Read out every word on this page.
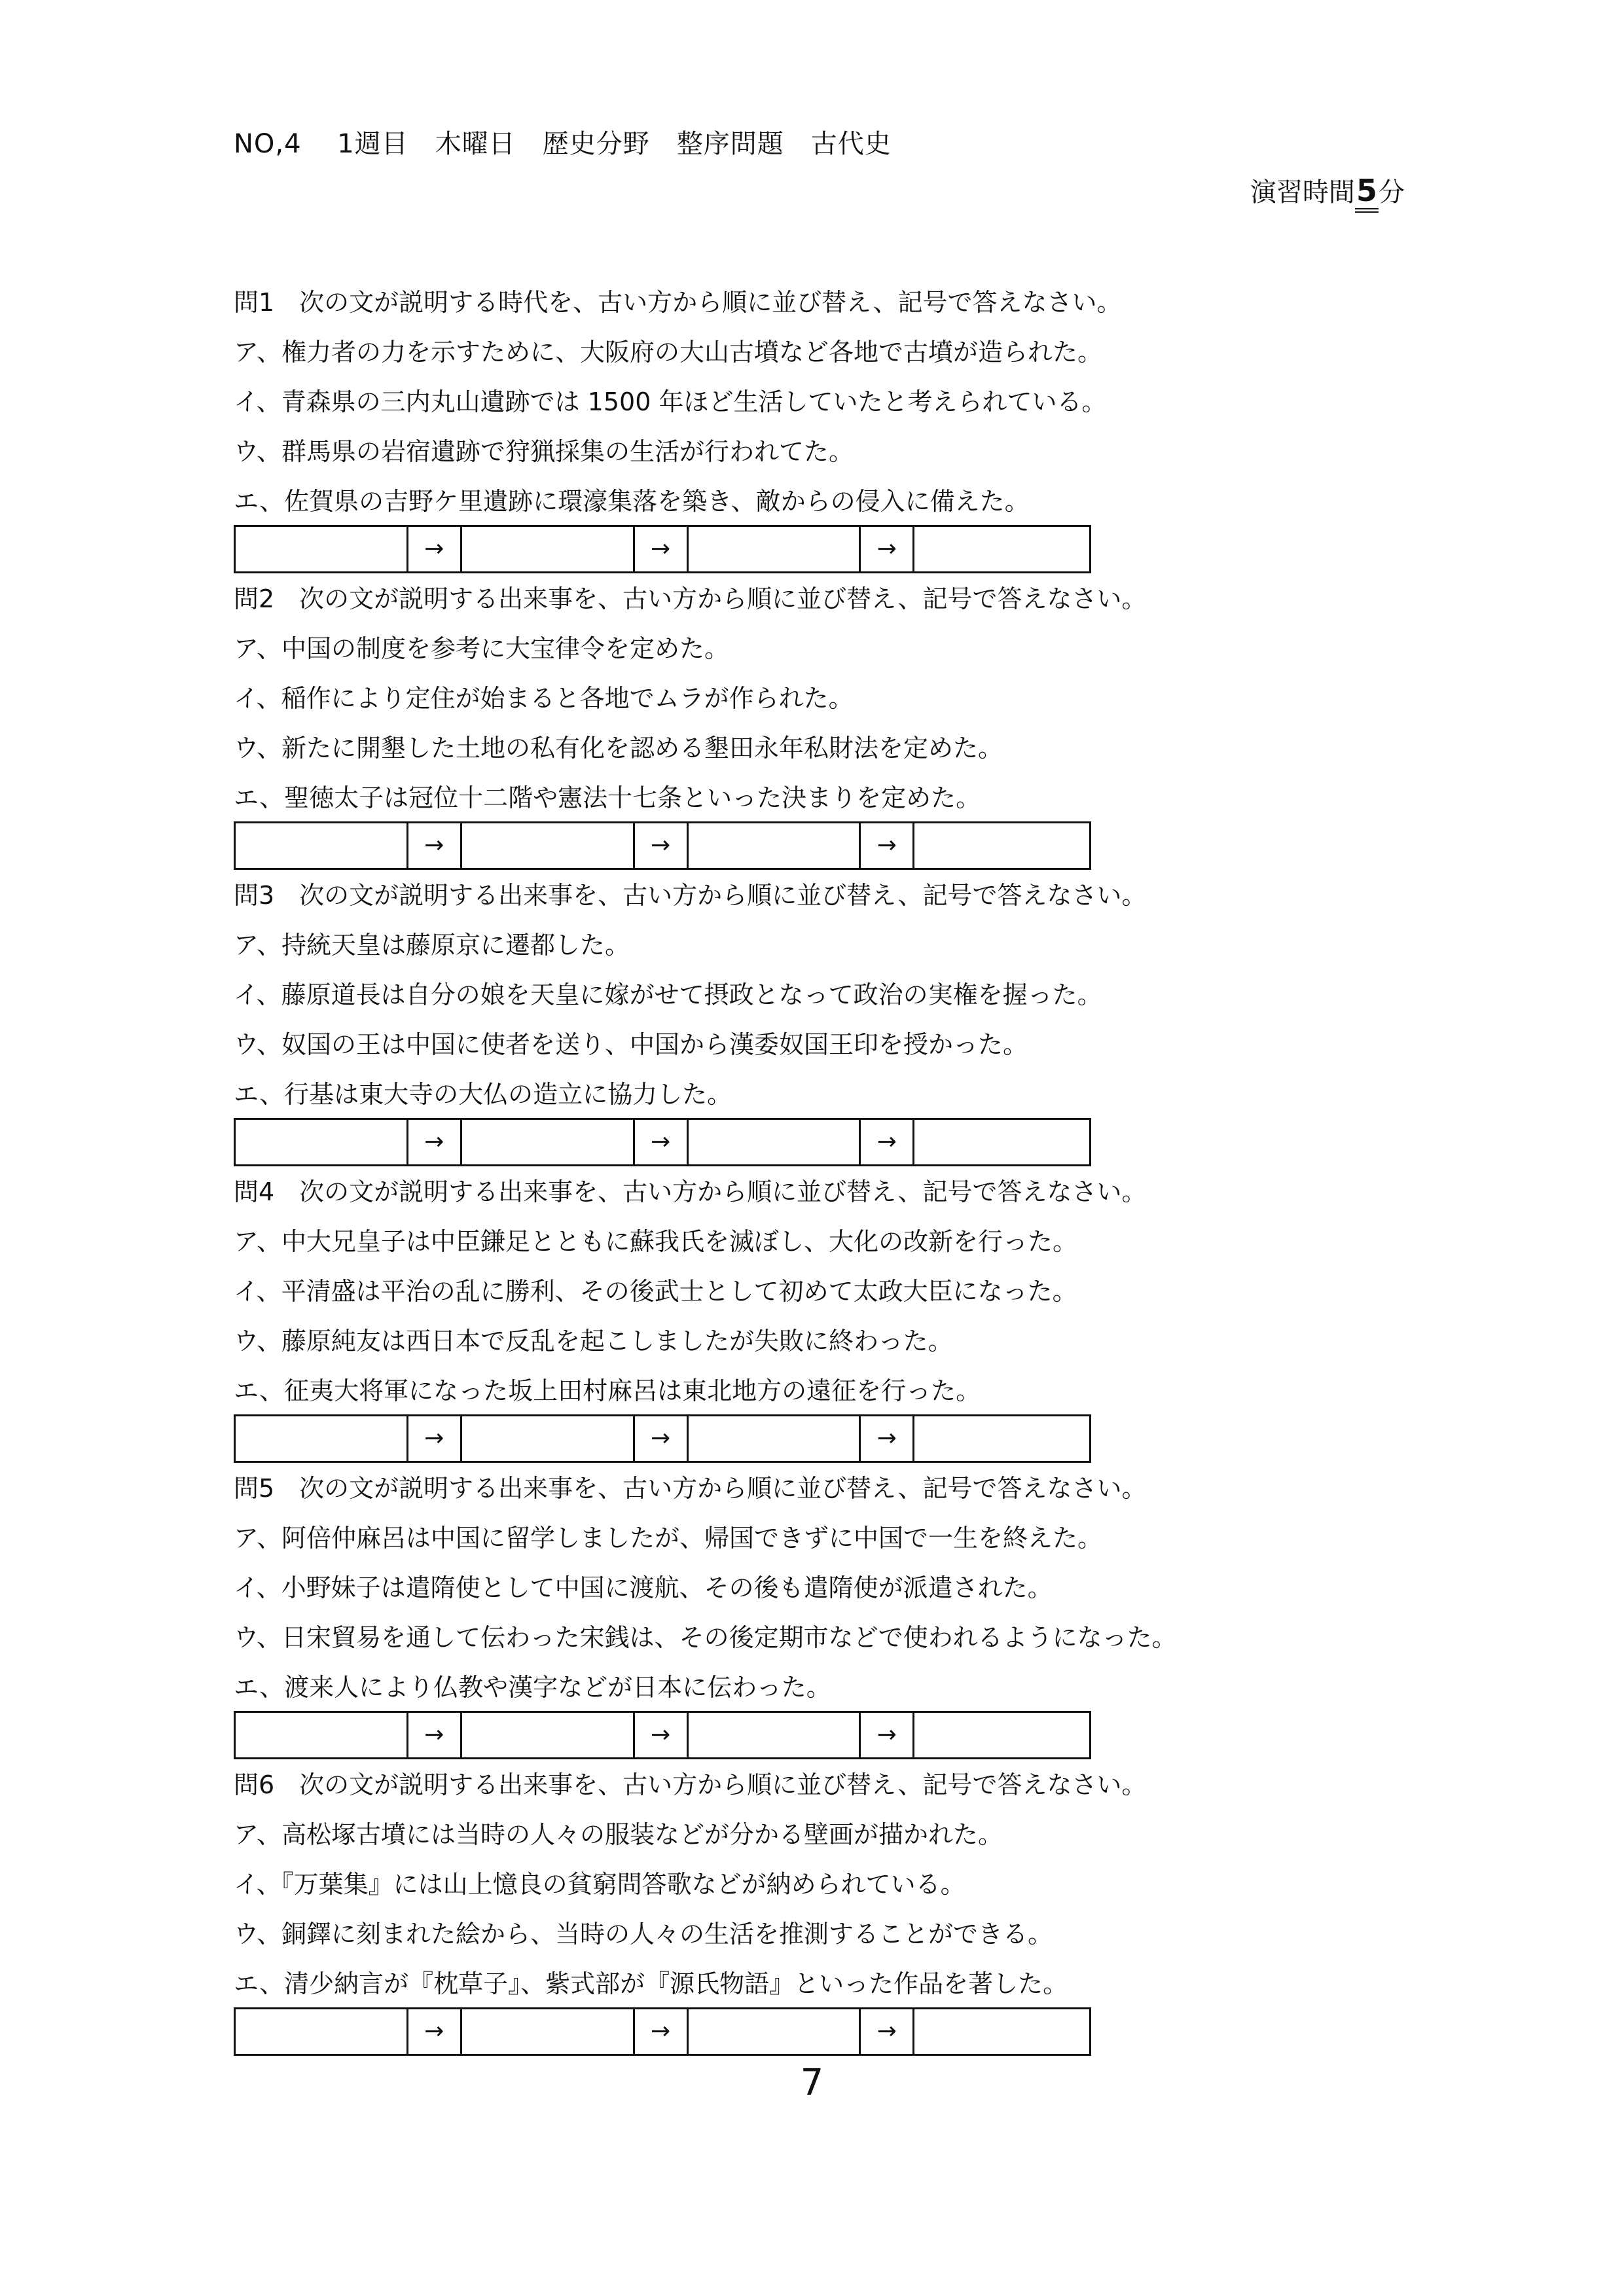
NO,4　 1週目　木曜日　歴史分野　整序問題　古代史
演習時間5分
問1　次の文が説明する時代を、古い方から順に並び替え、記号で答えなさい。
ア、権力者の力を示すために、大阪府の大山古墳など各地で古墳が造られた。
イ、青森県の三内丸山遺跡では 1500 年ほど生活していたと考えられている。
ウ、群馬県の岩宿遺跡で狩猟採集の生活が行われてた。
エ、佐賀県の吉野ケ里遺跡に環濠集落を築き、敵からの侵入に備えた。
→	→	→
問2　次の文が説明する出来事を、古い方から順に並び替え、記号で答えなさい。
ア、中国の制度を参考に大宝律令を定めた。
イ、稲作により定住が始まると各地でムラが作られた。
ウ、新たに開墾した土地の私有化を認める墾田永年私財法を定めた。
エ、聖徳太子は冠位十二階や憲法十七条といった決まりを定めた。
→	→	→
問3　次の文が説明する出来事を、古い方から順に並び替え、記号で答えなさい。
ア、持統天皇は藤原京に遷都した。
イ、藤原道長は自分の娘を天皇に嫁がせて摂政となって政治の実権を握った。
ウ、奴国の王は中国に使者を送り、中国から漢委奴国王印を授かった。
エ、行基は東大寺の大仏の造立に協力した。
→	→	→
問4　次の文が説明する出来事を、古い方から順に並び替え、記号で答えなさい。
ア、中大兄皇子は中臣鎌足とともに蘇我氏を滅ぼし、大化の改新を行った。
イ、平清盛は平治の乱に勝利、その後武士として初めて太政大臣になった。
ウ、藤原純友は西日本で反乱を起こしましたが失敗に終わった。
エ、征夷大将軍になった坂上田村麻呂は東北地方の遠征を行った。
→	→	→
問5　次の文が説明する出来事を、古い方から順に並び替え、記号で答えなさい。
ア、阿倍仲麻呂は中国に留学しましたが、帰国できずに中国で一生を終えた。
イ、小野妹子は遣隋使として中国に渡航、その後も遣隋使が派遣された。
ウ、日宋貿易を通して伝わった宋銭は、その後定期市などで使われるようになった。
エ、渡来人により仏教や漢字などが日本に伝わった。
→	→	→
問6　次の文が説明する出来事を、古い方から順に並び替え、記号で答えなさい。
ア、高松塚古墳には当時の人々の服装などが分かる壁画が描かれた。
イ、『万葉集』には山上憶良の貧窮問答歌などが納められている。
ウ、銅鐸に刻まれた絵から、当時の人々の生活を推測することができる。
エ、清少納言が『枕草子』、紫式部が『源氏物語』といった作品を著した。
→	→	→
7
